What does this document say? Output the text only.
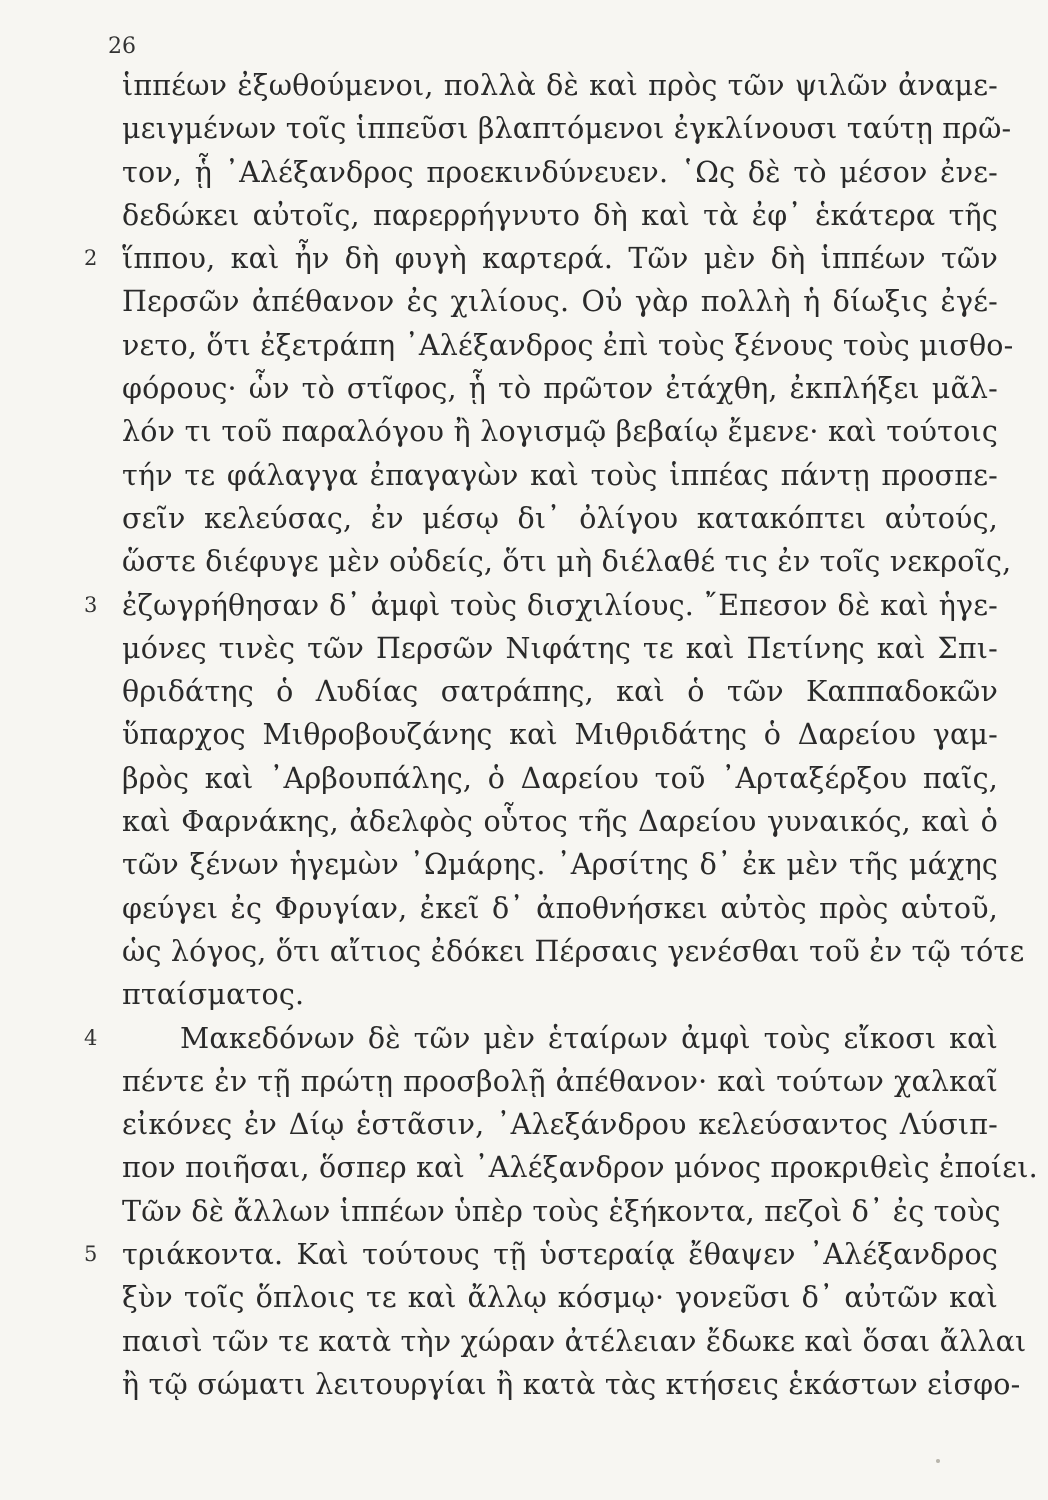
26
ἱππέων ἐξωθούμενοι, πολλὰ δὲ καὶ πρὸς τῶν ψιλῶν ἀναμε-
μειγμένων τοῖς ἱππεῦσι βλαπτόμενοι ἐγκλίνουσι ταύτῃ πρῶ-
τον, ᾗ ᾿Αλέξανδρος προεκινδύνευεν. ῾Ως δὲ τὸ μέσον ἐνε-
δεδώκει αὐτοῖς, παρερρήγνυτο δὴ καὶ τὰ ἐφ᾿ ἑκάτερα τῆς
2 ἵππου, καὶ ἦν δὴ φυγὴ καρτερά. Τῶν μὲν δὴ ἱππέων τῶν
Περσῶν ἀπέθανον ἐς χιλίους. Οὐ γὰρ πολλὴ ἡ δίωξις ἐγέ-
νετο, ὅτι ἐξετράπη ᾿Αλέξανδρος ἐπὶ τοὺς ξένους τοὺς μισθο-
φόρους· ὧν τὸ στῖφος, ᾗ τὸ πρῶτον ἐτάχθη, ἐκπλήξει μᾶλ-
λόν τι τοῦ παραλόγου ἢ λογισμῷ βεβαίῳ ἔμενε· καὶ τούτοις
τήν τε φάλαγγα ἐπαγαγὼν καὶ τοὺς ἱππέας πάντῃ προσπε-
σεῖν κελεύσας, ἐν μέσῳ δι᾿ ὀλίγου κατακόπτει αὐτούς,
ὥστε διέφυγε μὲν οὐδείς, ὅτι μὴ διέλαθέ τις ἐν τοῖς νεκροῖς,
3 ἐζωγρήθησαν δ᾿ ἀμφὶ τοὺς δισχιλίους. ῎Επεσον δὲ καὶ ἡγε-
μόνες τινὲς τῶν Περσῶν Νιφάτης τε καὶ Πετίνης καὶ Σπι-
θριδάτης ὁ Λυδίας σατράπης, καὶ ὁ τῶν Καππαδοκῶν
ὕπαρχος Μιθροβουζάνης καὶ Μιθριδάτης ὁ Δαρείου γαμ-
βρὸς καὶ ᾿Αρβουπάλης, ὁ Δαρείου τοῦ ᾿Αρταξέρξου παῖς,
καὶ Φαρνάκης, ἀδελφὸς οὗτος τῆς Δαρείου γυναικός, καὶ ὁ
τῶν ξένων ἡγεμὼν ᾿Ωμάρης. ᾿Αρσίτης δ᾿ ἐκ μὲν τῆς μάχης
φεύγει ἐς Φρυγίαν, ἐκεῖ δ᾿ ἀποθνήσκει αὐτὸς πρὸς αὑτοῦ,
ὡς λόγος, ὅτι αἴτιος ἐδόκει Πέρσαις γενέσθαι τοῦ ἐν τῷ τότε
πταίσματος.
4	Μακεδόνων δὲ τῶν μὲν ἑταίρων ἀμφὶ τοὺς εἴκοσι καὶ
πέντε ἐν τῇ πρώτῃ προσβολῇ ἀπέθανον· καὶ τούτων χαλκαῖ
εἰκόνες ἐν Δίῳ ἑστᾶσιν, ᾿Αλεξάνδρου κελεύσαντος Λύσιπ-
πον ποιῆσαι, ὅσπερ καὶ ᾿Αλέξανδρον μόνος προκριθεὶς ἐποίει.
Τῶν δὲ ἄλλων ἱππέων ὑπὲρ τοὺς ἑξήκοντα, πεζοὶ δ᾿ ἐς τοὺς
5 τριάκοντα. Καὶ τούτους τῇ ὑστεραίᾳ ἔθαψεν ᾿Αλέξανδρος
ξὺν τοῖς ὅπλοις τε καὶ ἄλλῳ κόσμῳ· γονεῦσι δ᾿ αὐτῶν καὶ
παισὶ τῶν τε κατὰ τὴν χώραν ἀτέλειαν ἔδωκε καὶ ὅσαι ἄλλαι
ἢ τῷ σώματι λειτουργίαι ἢ κατὰ τὰς κτήσεις ἑκάστων εἰσφο-
